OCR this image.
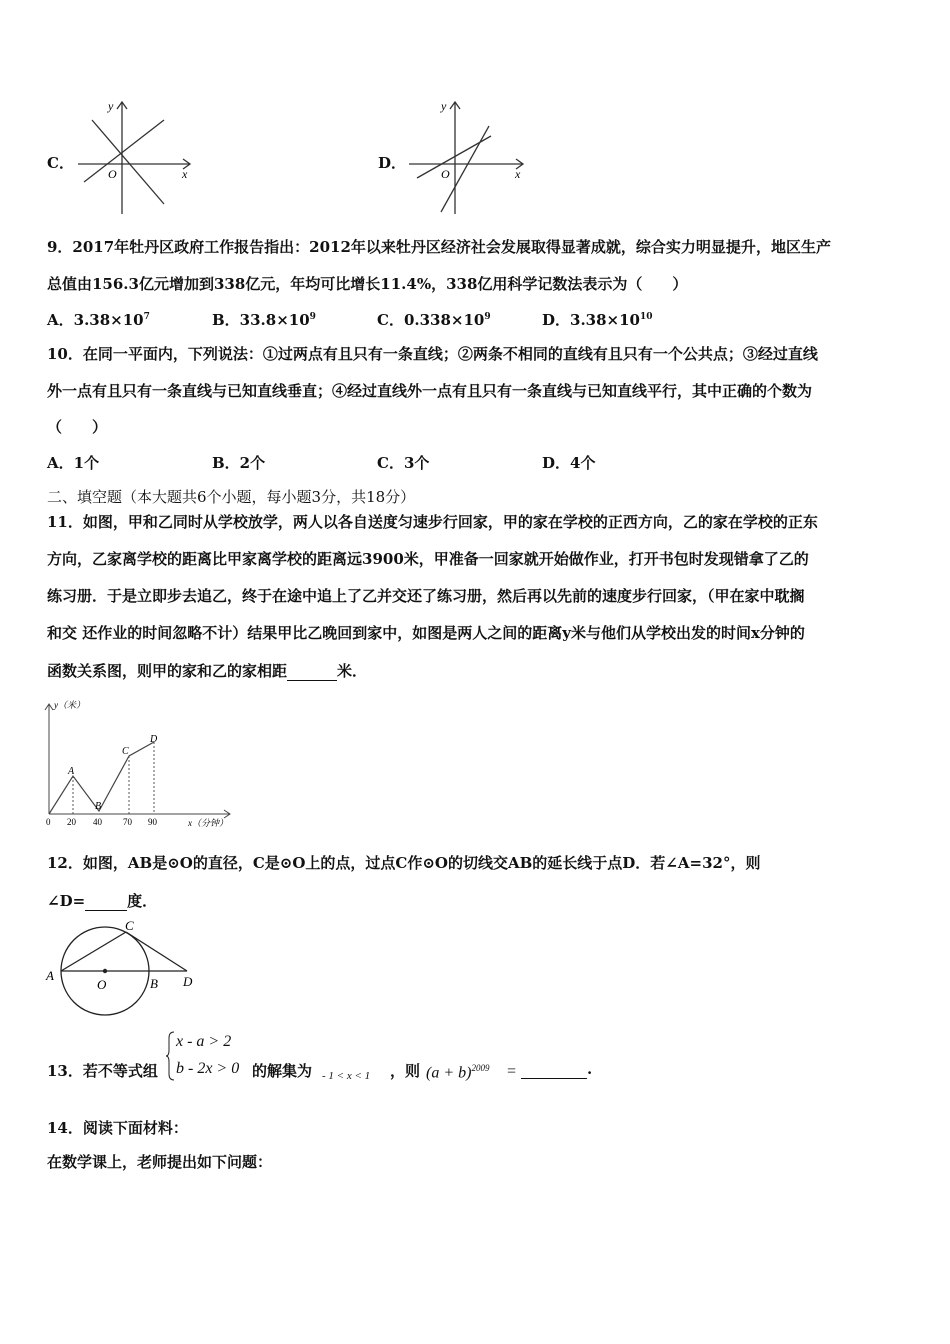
C．
y
x
O
D．
y
x
O
9．2017年牡丹区政府工作报告指出：2012年以来牡丹区经济社会发展取得显著成就，综合实力明显提升，地区生产
总值由156.3亿元增加到338亿元，年均可比增长11.4%，338亿用科学记数法表示为（　　）
A．$3.38\times 10^7$	B．$33.8\times 10^9$	C．$0.338\times 10^9$	D．$3.38\times 10^{10}$
10．在同一平面内，下列说法：①过两点有且只有一条直线；②两条不相同的直线有且只有一个公共点；③经过直线
外一点有且只有一条直线与已知直线垂直；④经过直线外一点有且只有一条直线与已知直线平行，其中正确的个数为
（　　）
A．1个	B．2个	C．3个	D．4个
二、填空题（本大题共6个小题，每小题3分，共18分）
11．如图，甲和乙同时从学校放学，两人以各自送度匀速步行回家，甲的家在学校的正西方向，乙的家在学校的正东
方向，乙家离学校的距离比甲家离学校的距离远3900米，甲准备一回家就开始做作业，打开书包时发现错拿了乙的
练习册．于是立即步去追乙，终于在途中追上了乙并交还了练习册，然后再以先前的速度步行回家，（甲在家中耽搁
和交 还作业的时间忽略不计）结果甲比乙晚回到家中，如图是两人之间的距离y米与他们从学校出发的时间x分钟的
函数关系图，则甲的家和乙的家相距	米．
y（米）
x（分钟）
0 20 40 70 90
A
B
C
D
12．如图，AB是⊙O的直径，C是⊙O上的点，过点C作⊙O的切线交AB的延长线于点D．若∠A=32°，则
∠D=	度．
A
C
O	B D
13．若不等式组
x - a > 2
b - 2x > 0 的解集为 - 1 < x < 1 ，则 $(a + b)^{2009}$ =	.
14．阅读下面材料：
在数学课上，老师提出如下问题：
